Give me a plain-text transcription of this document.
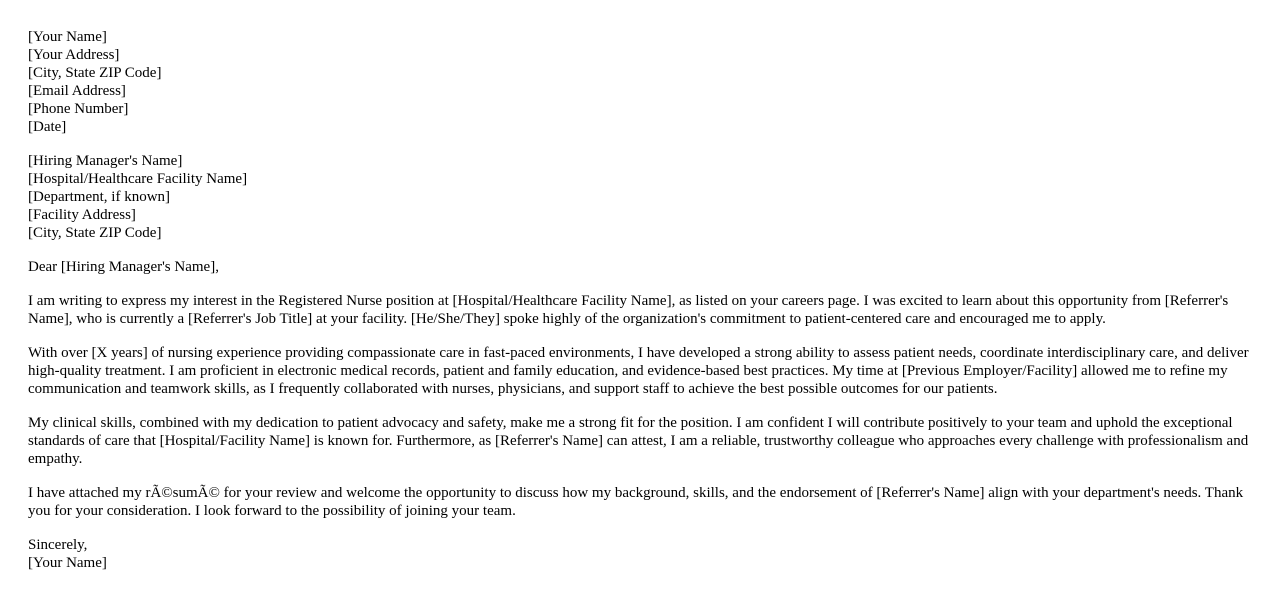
[Your Name]
[Your Address]
[City, State ZIP Code]
[Email Address]
[Phone Number]
[Date]
[Hiring Manager's Name]
[Hospital/Healthcare Facility Name]
[Department, if known]
[Facility Address]
[City, State ZIP Code]

Dear [Hiring Manager's Name],

I am writing to express my interest in the Registered Nurse position at [Hospital/Healthcare Facility Name], as listed on your careers page. I was excited to learn about this opportunity from [Referrer's Name], who is currently a [Referrer's Job Title] at your facility. [He/She/They] spoke highly of the organization's commitment to patient-centered care and encouraged me to apply.

With over [X years] of nursing experience providing compassionate care in fast-paced environments, I have developed a strong ability to assess patient needs, coordinate interdisciplinary care, and deliver high-quality treatment. I am proficient in electronic medical records, patient and family education, and evidence-based best practices. My time at [Previous Employer/Facility] allowed me to refine my communication and teamwork skills, as I frequently collaborated with nurses, physicians, and support staff to achieve the best possible outcomes for our patients.

My clinical skills, combined with my dedication to patient advocacy and safety, make me a strong fit for the position. I am confident I will contribute positively to your team and uphold the exceptional standards of care that [Hospital/Facility Name] is known for. Furthermore, as [Referrer's Name] can attest, I am a reliable, trustworthy colleague who approaches every challenge with professionalism and empathy.

I have attached my rÃ©sumÃ© for your review and welcome the opportunity to discuss how my background, skills, and the endorsement of [Referrer's Name] align with your department's needs. Thank you for your consideration. I look forward to the possibility of joining your team.

Sincerely,
[Your Name]
